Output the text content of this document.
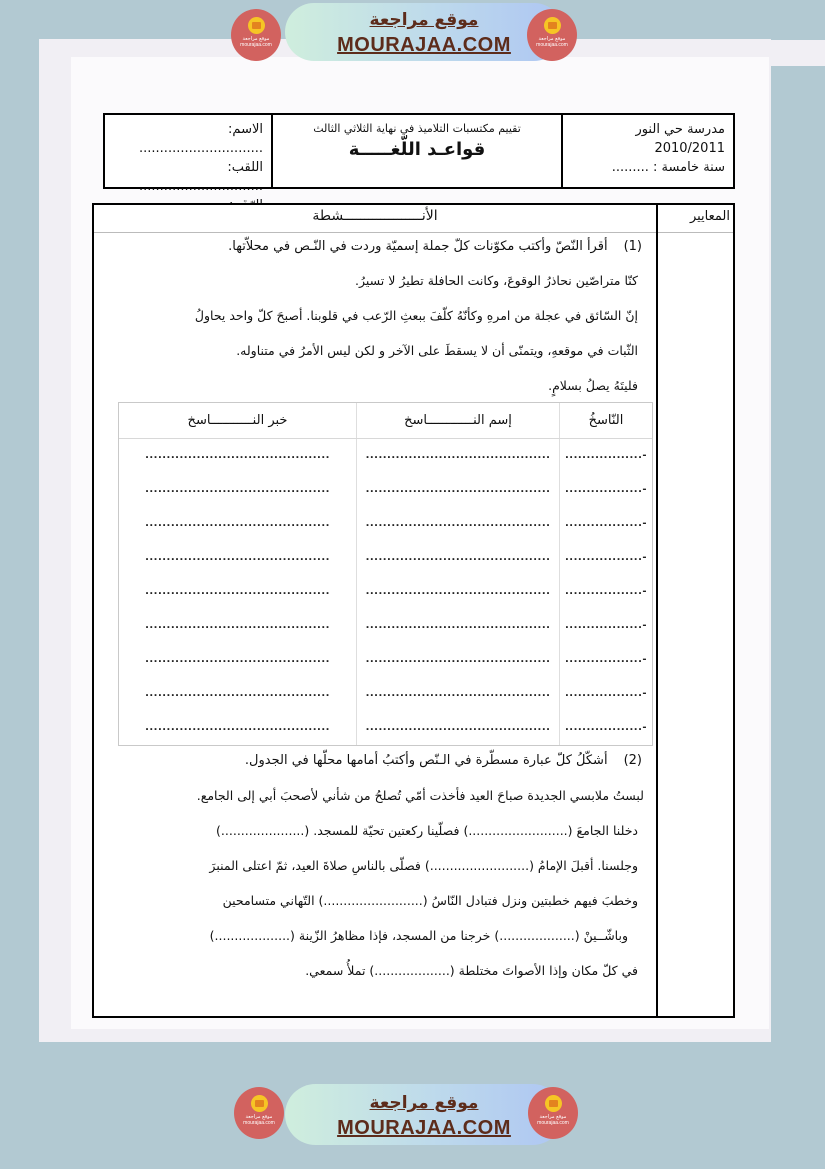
موقع مراجعة
MOURAJAA.COM
موقع مراجعة
mourajaa.com
موقع مراجعة
mourajaa.com
مدرسة حي النور
2010/2011
سنة خامسة : .........
تقييم مكتسبات التلاميذ في نهاية الثلاثي الثالث
قواعـد اللّغـــــة
الاسم: ..............................
اللقب: ..............................
المعايير
الأنـــــــــــــــــــشطة
(1)أقرأ النّصّ وأكتب مكوّنات كلّ جملة إسميّة وردت في النّـص في محلاّتها.
كنّا متراصّين نحاذرُ الوقوعَ، وكانت الحافلة تطيرُ لا تسيرُ.
إنّ السّائق في عجلة من امرهِ وكأنّهُ كلّفَ ببعثِ الرّعب في قلوبنا. أصبحَ كلّ واحد يحاولُ
الثّبات في موقعهِ، ويتمنّى أن لا يسقطَ على الآخر و لكن ليس الأمرُ في متناوله.
فليتَهُ يصلُ بسلامٍ.
النّاسخُ
إسم النــــــــــــاسخ
خبر النـــــــــــاسخ
-..................
...........................................
...........................................
-..................
...........................................
...........................................
-..................
...........................................
...........................................
-..................
...........................................
...........................................
-..................
...........................................
...........................................
-..................
...........................................
...........................................
-..................
...........................................
...........................................
-..................
...........................................
...........................................
-..................
...........................................
...........................................
(2)أشكّلُ كلّ عبارة مسطّرة في الـنّص وأكتبُ أمامها محلّها في الجدول.
لبستُ ملابسي الجديدة صباحَ العيد فأخذت أمّي تُصلحُ من شأني لأصحبَ أبي إلى الجامع.
دخلنا الجامعَ (.........................) فصلّينا ركعتين تحيّة للمسجد. (.....................)
وجلسنا. أقبلَ الإمامُ (.........................) فصلّى بالناسِ صلاةَ العيد، ثمّ اعتلى المنبرَ
وخطبَ فيهم خطبتين ونزل فتبادل النّاسُ (.........................) التّهاني متسامحين
وباشّــينْ (...................) خرجنا من المسجد، فإذا مظاهرُ الزّينة (...................)
في كلّ مكان وإذا الأصواتَ مختلطة (...................) تملأُ سمعي.
موقع مراجعة
MOURAJAA.COM
موقع مراجعة
mourajaa.com
موقع مراجعة
mourajaa.com
